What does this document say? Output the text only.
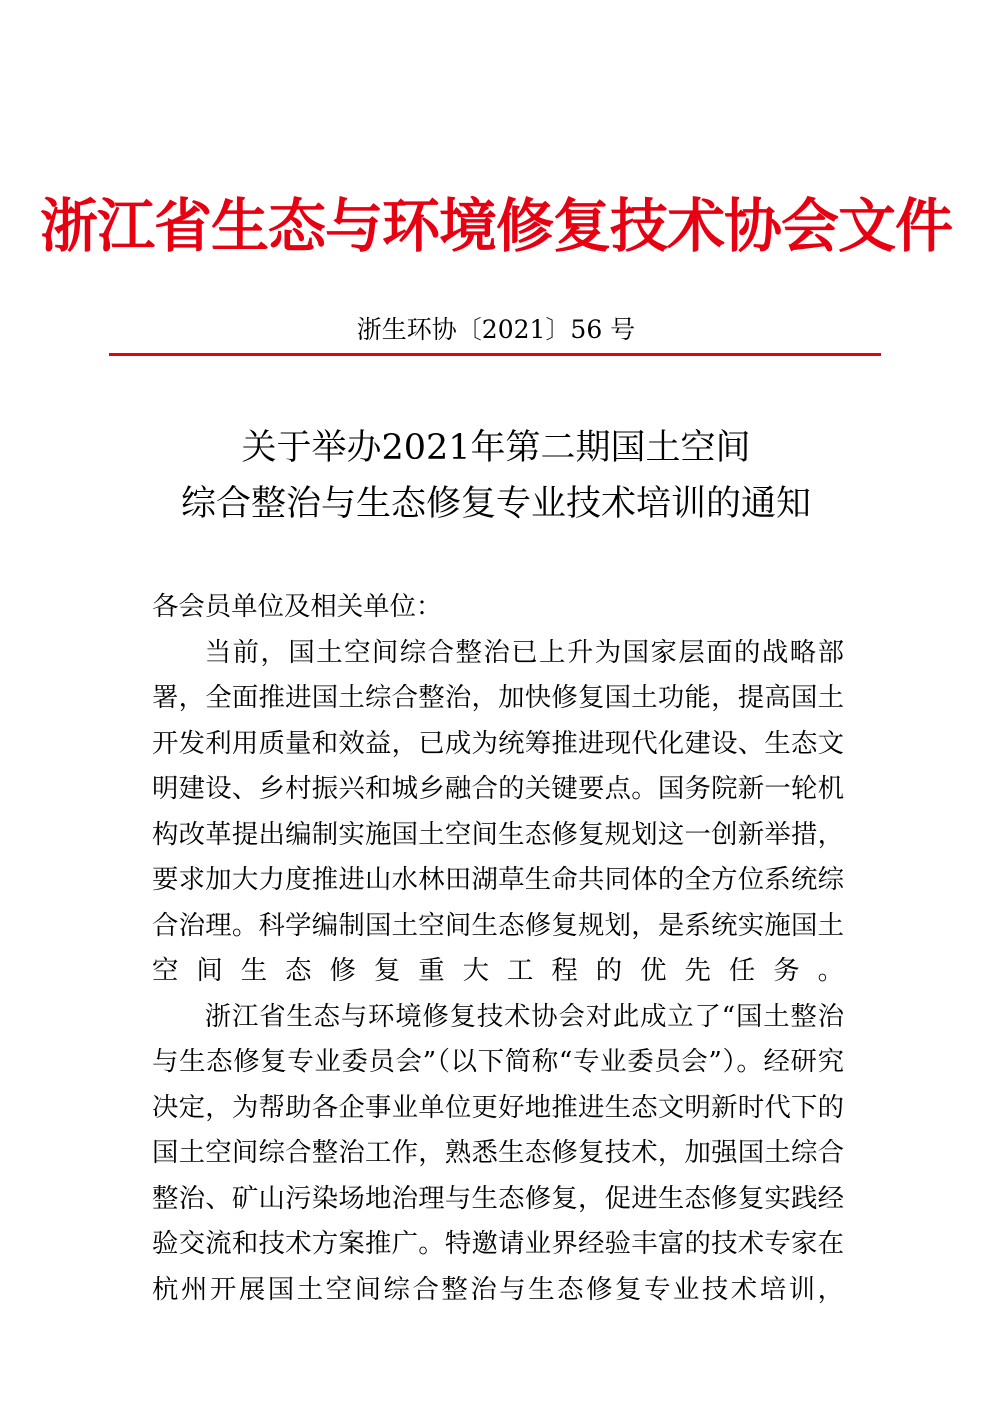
浙江省生态与环境修复技术协会文件
浙生环协〔2021〕56 号
关于举办2021年第二期国土空间
综合整治与生态修复专业技术培训的通知

各会员单位及相关单位：

当前，国土空间综合整治已上升为国家层面的战略部署，全面推进国土综合整治，加快修复国土功能，提高国土开发利用质量和效益，已成为统筹推进现代化建设、生态文明建设、乡村振兴和城乡融合的关键要点。国务院新一轮机构改革提出编制实施国土空间生态修复规划这一创新举措，要求加大力度推进山水林田湖草生命共同体的全方位系统综合治理。科学编制国土空间生态修复规划，是系统实施国土空间生态修复重大工程的优先任务。

浙江省生态与环境修复技术协会对此成立了“国土整治与生态修复专业委员会”（以下简称“专业委员会”）。经研究决定，为帮助各企事业单位更好地推进生态文明新时代下的国土空间综合整治工作，熟悉生态修复技术，加强国土综合整治、矿山污染场地治理与生态修复，促进生态修复实践经验交流和技术方案推广。特邀请业界经验丰富的技术专家在杭州开展国土空间综合整治与生态修复专业技术培训，
